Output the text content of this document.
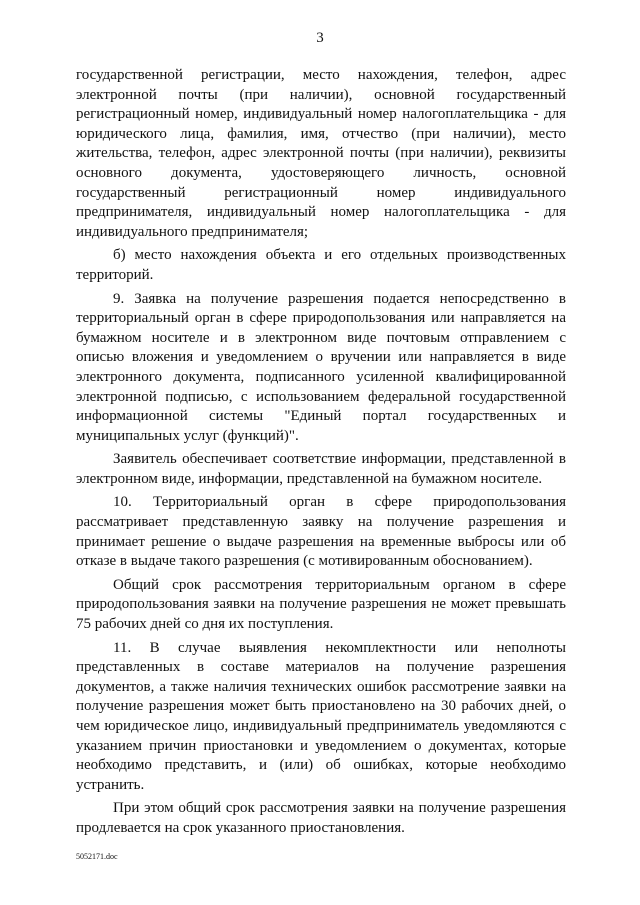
3

государственной регистрации, место нахождения, телефон, адрес электронной почты (при наличии), основной государственный регистрационный номер, индивидуальный номер налогоплательщика - для юридического лица, фамилия, имя, отчество (при наличии), место жительства, телефон, адрес электронной почты (при наличии), реквизиты основного документа, удостоверяющего личность, основной государственный регистрационный номер индивидуального предпринимателя, индивидуальный номер налогоплательщика - для индивидуального предпринимателя;

б) место нахождения объекта и его отдельных производственных территорий.

9. Заявка на получение разрешения подается непосредственно в территориальный орган в сфере природопользования или направляется на бумажном носителе и в электронном виде почтовым отправлением с описью вложения и уведомлением о вручении или направляется в виде электронного документа, подписанного усиленной квалифицированной электронной подписью, с использованием федеральной государственной информационной системы "Единый портал государственных и муниципальных услуг (функций)".

Заявитель обеспечивает соответствие информации, представленной в электронном виде, информации, представленной на бумажном носителе.

10. Территориальный орган в сфере природопользования рассматривает представленную заявку на получение разрешения и принимает решение о выдаче разрешения на временные выбросы или об отказе в выдаче такого разрешения (с мотивированным обоснованием).

Общий срок рассмотрения территориальным органом в сфере природопользования заявки на получение разрешения не может превышать 75 рабочих дней со дня их поступления.

11. В случае выявления некомплектности или неполноты представленных в составе материалов на получение разрешения документов, а также наличия технических ошибок рассмотрение заявки на получение разрешения может быть приостановлено на 30 рабочих дней, о чем юридическое лицо, индивидуальный предприниматель уведомляются с указанием причин приостановки и уведомлением о документах, которые необходимо представить, и (или) об ошибках, которые необходимо устранить.

При этом общий срок рассмотрения заявки на получение разрешения продлевается на срок указанного приостановления.

5052171.doc
